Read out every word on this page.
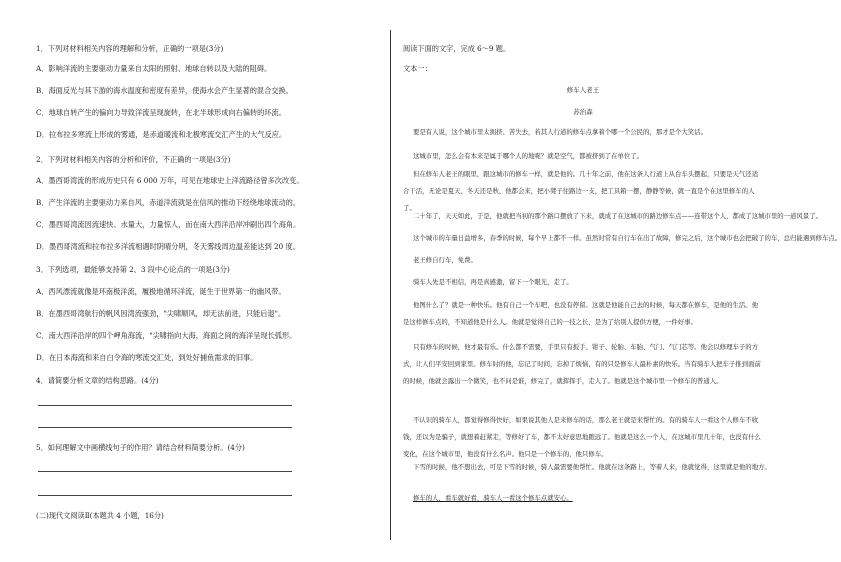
1．下列对材料相关内容的理解和分析，正确的一项是(3分)
A．影响洋流的主要驱动力量来自太阳的照射、地球自转以及大陆的阻碍。
B．海面反光与其下游的海水温度和密度有差异，使海水会产生显著的混合交换。
C．地球自转产生的偏向力导致洋流呈现旋转，在北半球形成向右偏转的环流。
D．拉布拉多寒流上形成的雾通，是赤道暖流和北极寒流交汇产生的大气反应。
2．下列对材料相关内容的分析和评价，不正确的一项是(3分)
A．墨西哥湾流的形成历史只有 6 000 万年，可见在地球史上洋流路径曾多次改变。
B．产生洋流的主要驱动力来自风，赤道洋流就是在信风的推动下经绕地球流动的。
C．墨西哥湾流因流速快、水量大，力量惊人，而在南大西洋沿岸冲刷出四个海角。
D．墨西哥湾流和拉布拉多洋流相遇时阴晴分明，冬天雾线周边温差能达到 20 度。
3．下列选项，最能够支持第 2、3 段中心论点的一项是(3分)
A．西风漂流就像是环南极洋流，履极地循环洋流，诞生于世界第一的幽风带。
B．在墨西哥湾航行的帆风因湾流强劲，"尖啸顺风，却无法前进，只能后退"。
C．南大西洋沿岸的四个岬角海流，"尖啸指向大海，海面之间的海洋呈现长弧形。
D．在日本海流和来自白令海的寒流交汇处，到处好捕鱼需求的旧事。
4．请简要分析文章的结构思路。(4分)
5．如何理解文中画横线句子的作用？请结合材料简要分析。(4分)
(二)现代文阅读Ⅱ(本题共 4 小题，16分)
阅读下面的文字，完成 6～9 题。
文本一：
修车人老王
苏治森
要是有人说，这个城市里太拥挤、苦失去，若其人行道的修车点拿着个哪一个公民的，那才是个大笑话。
这城市里，怎么会有本来是属于哪个人的地呢？就是空气，都被挤到了在单位了。
但在修车人老王的眼里，跟这城市的修车一样，就是他的。几十年之前，他在这条人行道上从台车头摆起，只要是天气还适合干活，无论是夏天、冬天还是秋，他都会来，把小凳子往路边一支，把工具箱一摆，静静等候，就一直是个在这里修车的人了。
二十年了，天天如此，于是，他就把当初的那个路口摆放了下来，就成了在这城市的路边修车点——连带这个人，都成了这城市里的一道风景了。
这个城市的车量日益增多，春季的时候，每个早上都不一样。虽然时常有自行车在出了故障，修完之后，这个城市也会把破了的车，总归能遇到修车点。
老王修自行车，免费。
骑车人先是不相信，再是真感激，留下一个眼光，走了。
他图什么了？就是一种快乐。他有自己一个车吧，也没有停留。这就是他能自己去的时候，每天都在修车，是他的生活。他是这样修车点的，不知道他是什么人。他就是觉得自己的一技之长，是为了给别人提供方便，一件好事。
只有修车的时候，他才最有乐。什么都不需要，手里只有扳手、钳子、轮胎、车胎、气门、气门芯等。他会以修理车子的方式，让人们平安回到家里。修车时的他，忘记了时间，忘掉了烦恼，有的只是修车人最朴素的快乐。当有骑车人把车子推到面前的时候，他就会露出一个微笑，也不问是谁，修完了，就挥挥手，走人了。他就是这个城市里一个修车的普通人。
不认识的骑车人，都觉得修得快好，如果说其他人是来修车的话，那么老王就是来帮忙的。有的骑车人一看这个人修车不收钱，还以为是骗子，就想着赶紧走，等修好了车，都不太好意思地跑远了。他就是这么一个人，在这城市里几十年，也没有什么变化，在这个城市里，他没有什么名声。他只是一个修车的，他只修车。
下雪的时候，他不想出去，可是下雪的时候，骑人最需要他帮忙。他就在这条路上，等着人来，他就觉得，这里就是他的地方。
修车的人，看车就好看，骑车人一看这个修车点就安心。
